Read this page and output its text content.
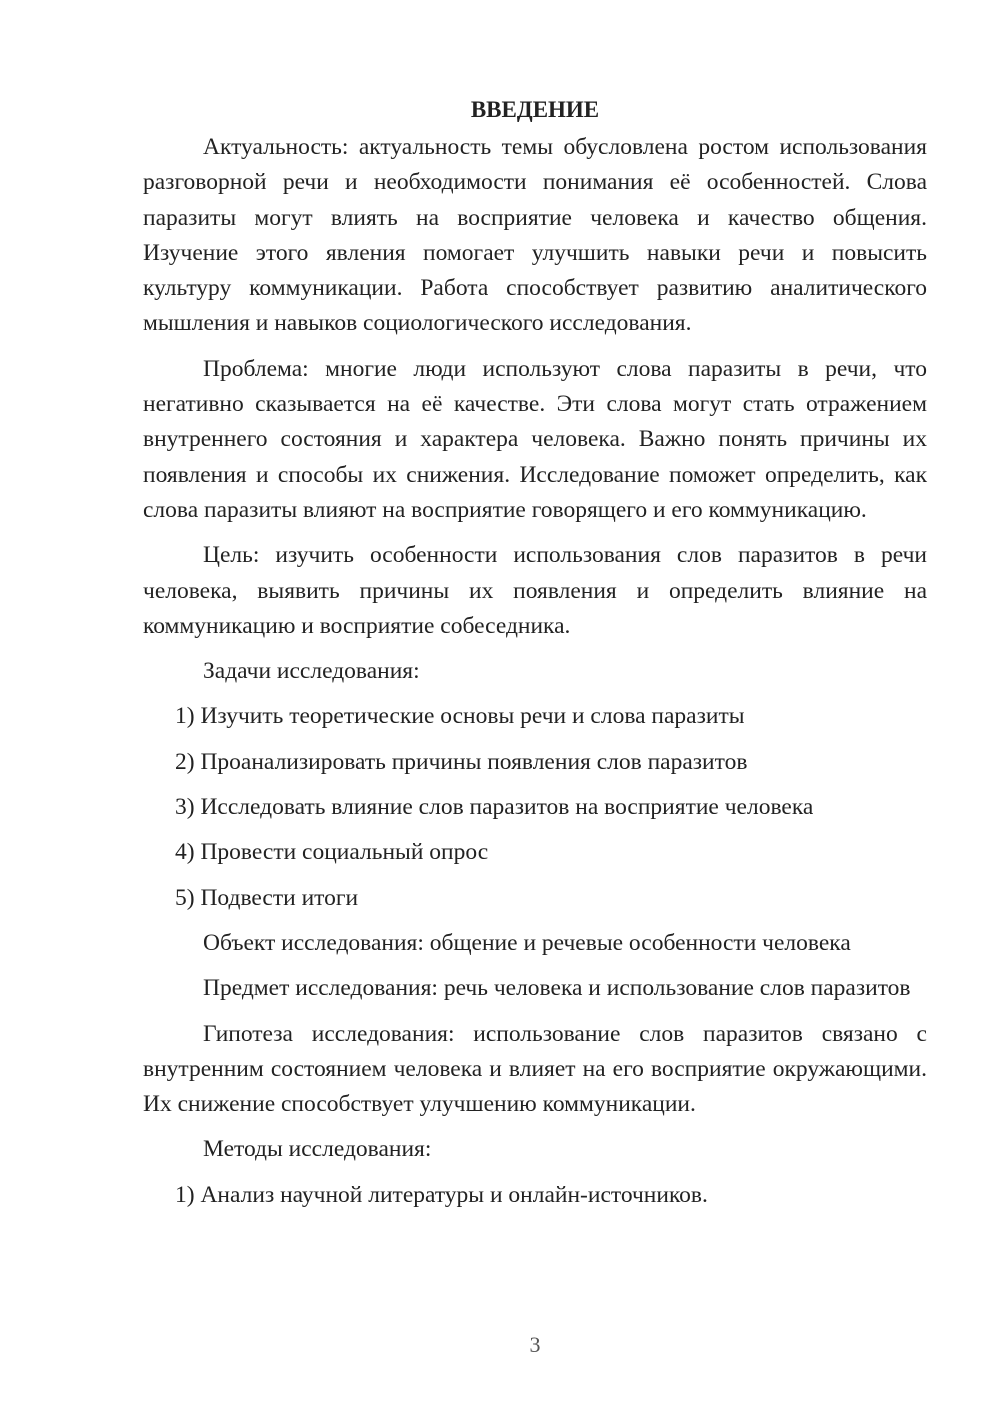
ВВЕДЕНИЕ

Актуальность: актуальность темы обусловлена ростом использования разговорной речи и необходимости понимания её особенностей. Слова паразиты могут влиять на восприятие человека и качество общения. Изучение этого явления помогает улучшить навыки речи и повысить культуру коммуникации. Работа способствует развитию аналитического мышления и навыков социологического исследования.

Проблема: многие люди используют слова паразиты в речи, что негативно сказывается на её качестве. Эти слова могут стать отражением внутреннего состояния и характера человека. Важно понять причины их появления и способы их снижения. Исследование поможет определить, как слова паразиты влияют на восприятие говорящего и его коммуникацию.

Цель: изучить особенности использования слов паразитов в речи человека, выявить причины их появления и определить влияние на коммуникацию и восприятие собеседника.

Задачи исследования:

1) Изучить теоретические основы речи и слова паразиты
2) Проанализировать причины появления слов паразитов
3) Исследовать влияние слов паразитов на восприятие человека
4) Провести социальный опрос
5) Подвести итоги

Объект исследования: общение и речевые особенности человека

Предмет исследования: речь человека и использование слов паразитов

Гипотеза исследования: использование слов паразитов связано с внутренним состоянием человека и влияет на его восприятие окружающими. Их снижение способствует улучшению коммуникации.

Методы исследования:

1) Анализ научной литературы и онлайн-источников.
3
